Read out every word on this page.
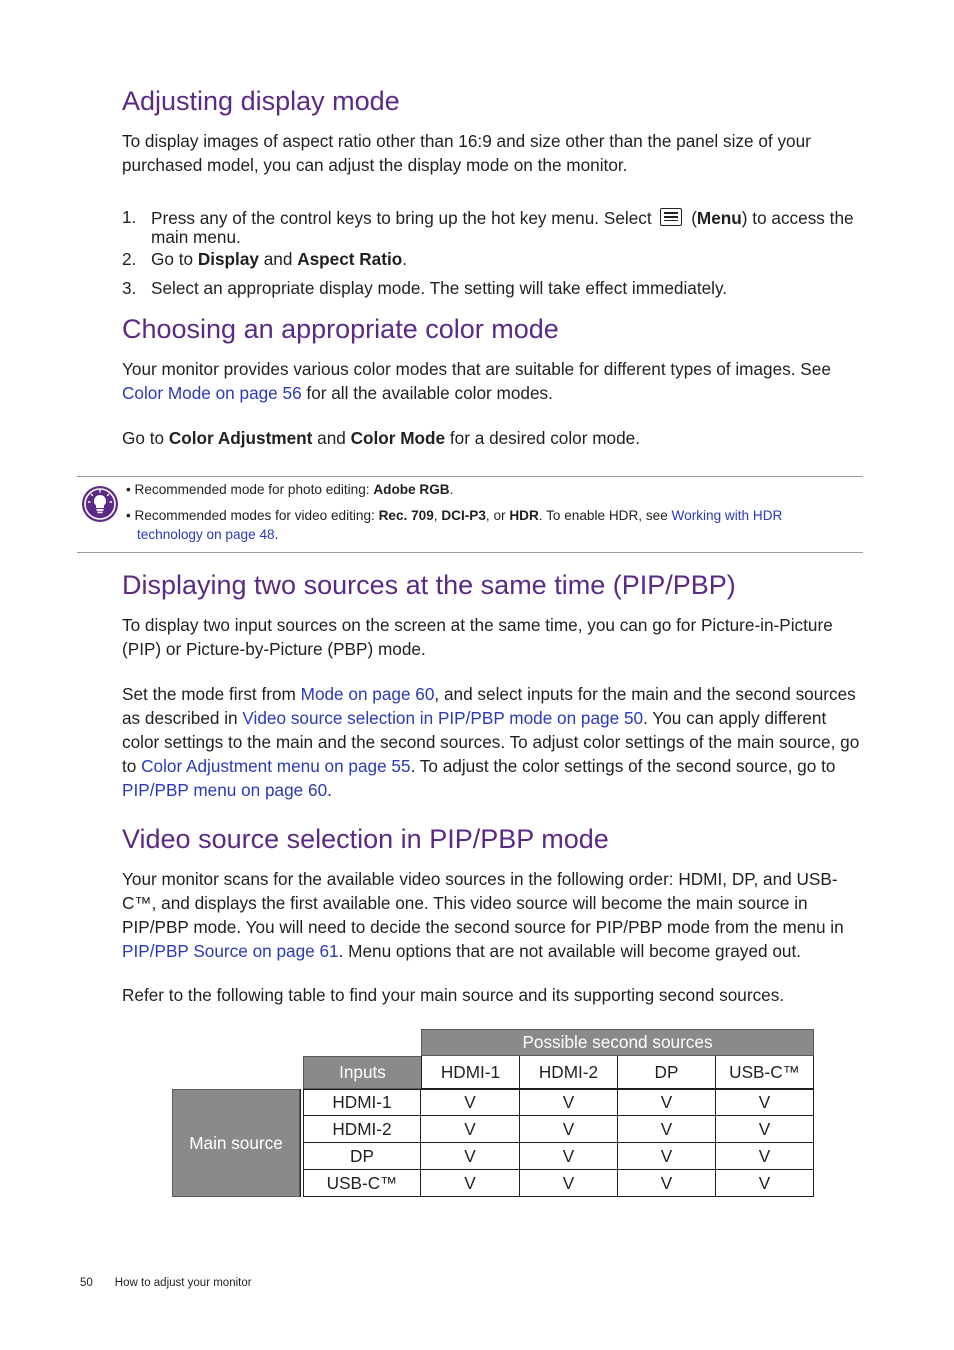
Adjusting display mode

To display images of aspect ratio other than 16:9 and size other than the panel size of your purchased model, you can adjust the display mode on the monitor.

1. Press any of the control keys to bring up the hot key menu. Select (Menu) to access the main menu.
2. Go to Display and Aspect Ratio.
3. Select an appropriate display mode. The setting will take effect immediately.
Choosing an appropriate color mode

Your monitor provides various color modes that are suitable for different types of images. See Color Mode on page 56 for all the available color modes.

Go to Color Adjustment and Color Mode for a desired color mode.

• Recommended mode for photo editing: Adobe RGB.
• Recommended modes for video editing: Rec. 709, DCI-P3, or HDR. To enable HDR, see Working with HDR
technology on page 48.
Displaying two sources at the same time (PIP/PBP)

To display two input sources on the screen at the same time, you can go for Picture-in-Picture (PIP) or Picture-by-Picture (PBP) mode.

Set the mode first from Mode on page 60, and select inputs for the main and the second sources as described in Video source selection in PIP/PBP mode on page 50. You can apply different color settings to the main and the second sources. To adjust color settings of the main source, go to Color Adjustment menu on page 55. To adjust the color settings of the second source, go to PIP/PBP menu on page 60.

Video source selection in PIP/PBP mode

Your monitor scans for the available video sources in the following order: HDMI, DP, and USB-C™, and displays the first available one. This video source will become the main source in PIP/PBP mode. You will need to decide the second source for PIP/PBP mode from the menu in PIP/PBP Source on page 61. Menu options that are not available will become grayed out.

Refer to the following table to find your main source and its supporting second sources.

			Possible second sources			
		Inputs	HDMI-1	HDMI-2	DP	USB-C™
Main source		HDMI-1	V	V	V	V
		HDMI-2	V	V	V	V
		DP	V	V	V	V
		USB-C™	V	V	V	V
50 How to adjust your monitor
